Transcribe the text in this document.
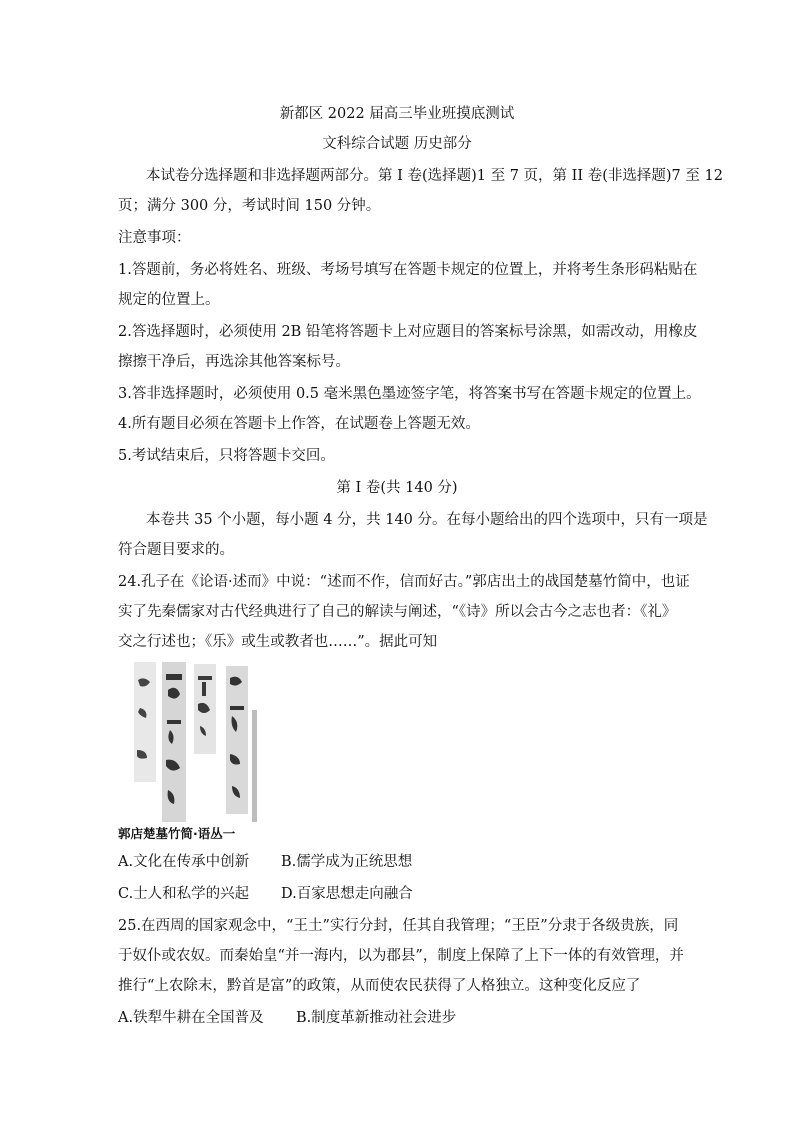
新都区 2022 届高三毕业班摸底测试
文科综合试题 历史部分
本试卷分选择题和非选择题两部分。第 I 卷(选择题)1 至 7 页，第 II 卷(非选择题)7 至 12
页；满分 300 分，考试时间 150 分钟。
注意事项：
1.答题前，务必将姓名、班级、考场号填写在答题卡规定的位置上，并将考生条形码粘贴在
规定的位置上。
2.答选择题时，必须使用 2B 铅笔将答题卡上对应题目的答案标号涂黑，如需改动，用橡皮
擦擦干净后，再选涂其他答案标号。
3.答非选择题时，必须使用 0.5 毫米黑色墨迹签字笔，将答案书写在答题卡规定的位置上。
4.所有题目必须在答题卡上作答，在试题卷上答题无效。
5.考试结束后，只将答题卡交回。
第 I 卷(共 140 分)
本卷共 35 个小题，每小题 4 分，共 140 分。在每小题给出的四个选项中，只有一项是
符合题目要求的。
24.孔子在《论语·述而》中说：“述而不作，信而好古。”郭店出土的战国楚墓竹简中，也证
实了先秦儒家对古代经典进行了自己的解读与阐述，“《诗》所以会古今之志也者：《礼》
交之行述也；《乐》或生或教者也……”。据此可知
郭店楚墓竹简·语丛一
A.文化在传承中创新 B.儒学成为正统思想
C.士人和私学的兴起 D.百家思想走向融合
25.在西周的国家观念中，“王土”实行分封，任其自我管理；“王臣”分隶于各级贵族，同
于奴仆或农奴。而秦始皇“并一海内，以为郡县”，制度上保障了上下一体的有效管理，并
推行“上农除末，黔首是富”的政策，从而使农民获得了人格独立。这种变化反应了
A.铁犁牛耕在全国普及 B.制度革新推动社会进步
